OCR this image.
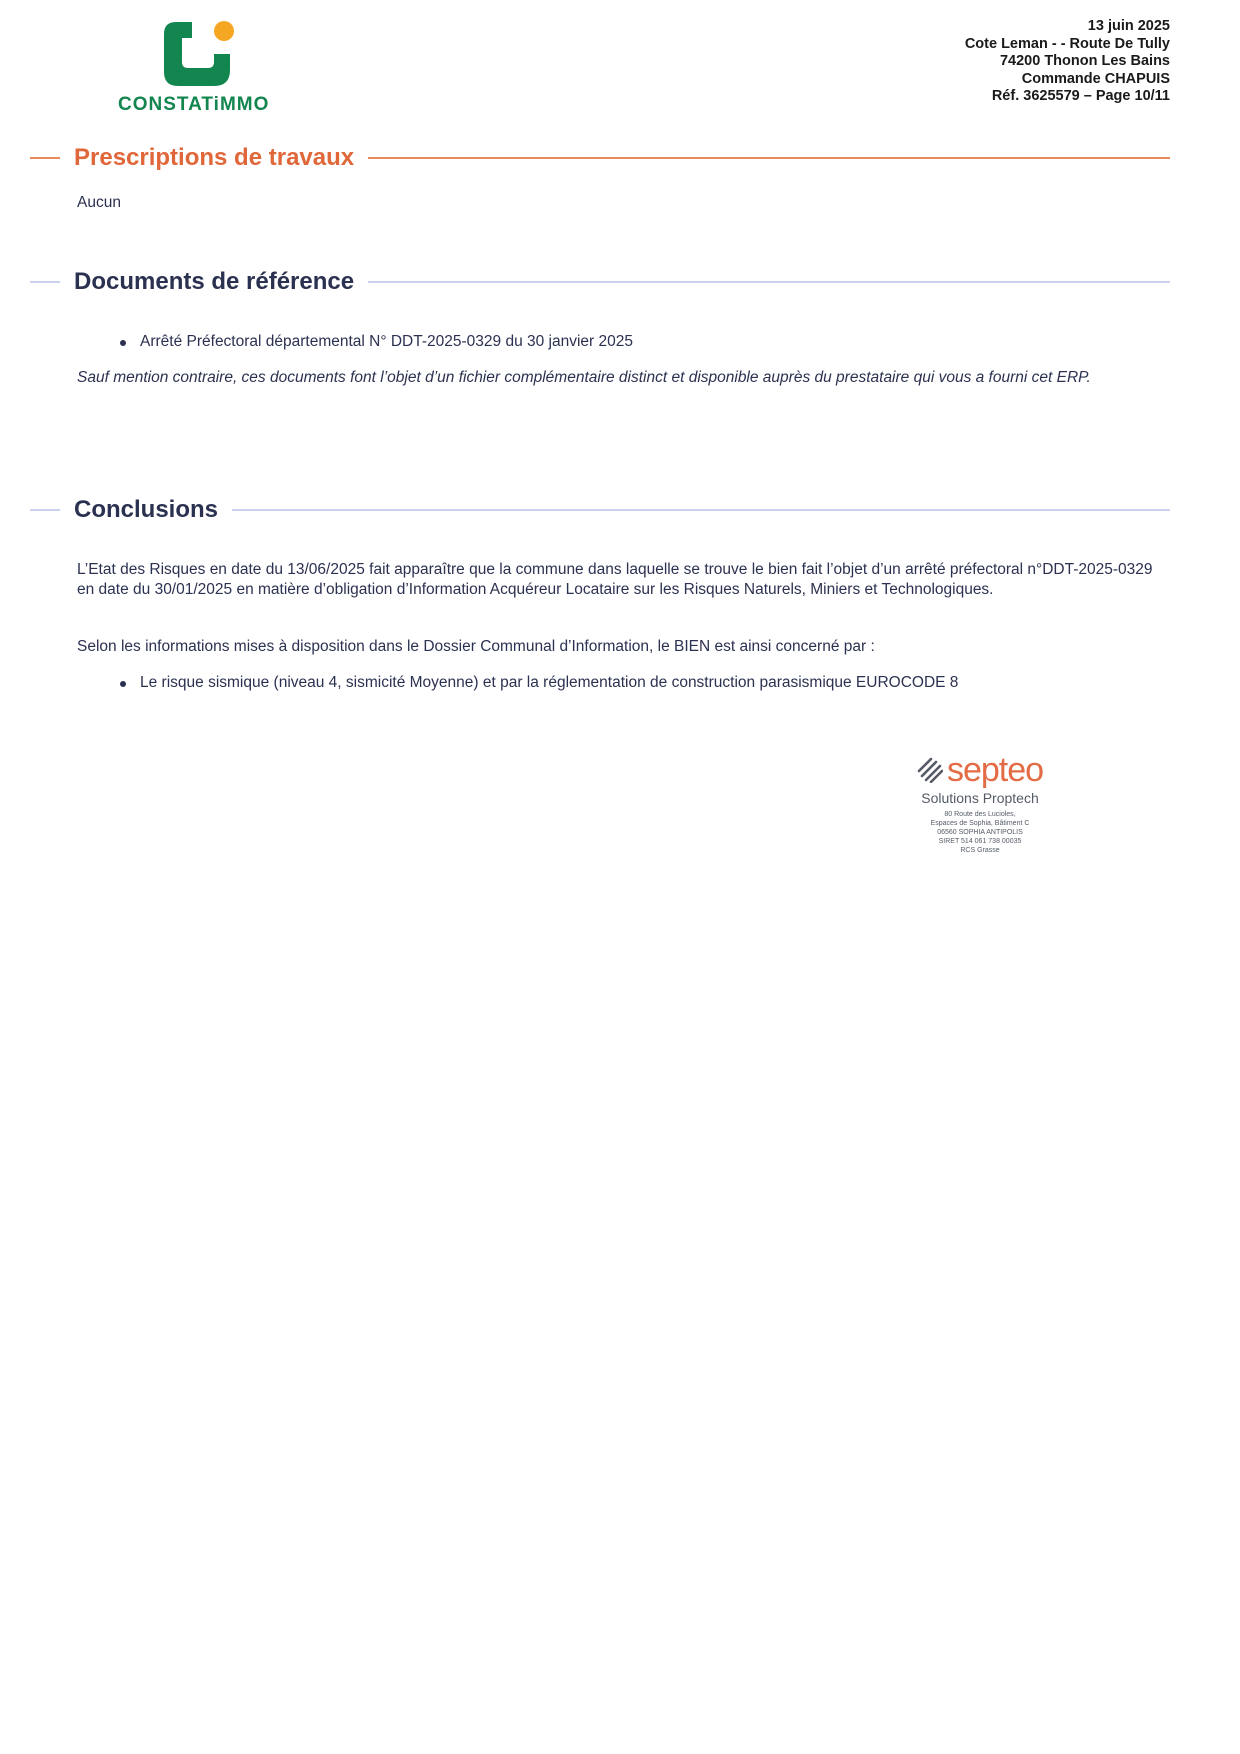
CONSTATiMMO
13 juin 2025
Cote Leman - - Route De Tully
74200 Thonon Les Bains
Commande CHAPUIS
Réf. 3625579 – Page 10/11
Prescriptions de travaux
Aucun
Documents de référence
Arrêté Préfectoral départemental N° DDT-2025-0329 du 30 janvier 2025
Sauf mention contraire, ces documents font l’objet d’un fichier complémentaire distinct et disponible auprès du prestataire qui vous a fourni cet ERP.
Conclusions
L’Etat des Risques en date du 13/06/2025 fait apparaître que la commune dans laquelle se trouve le bien fait l’objet d’un arrêté préfectoral n°DDT-2025-0329 en date du 30/01/2025 en matière d’obligation d’Information Acquéreur Locataire sur les Risques Naturels, Miniers et Technologiques.
Selon les informations mises à disposition dans le Dossier Communal d’Information, le BIEN est ainsi concerné par :
Le risque sismique (niveau 4, sismicité Moyenne) et par la réglementation de construction parasismique EUROCODE 8
septeo
Solutions Proptech
80 Route des Lucioles,
Espaces de Sophia, Bâtiment C
06560 SOPHIA ANTIPOLIS
SIRET 514 061 738 00035
RCS Grasse
